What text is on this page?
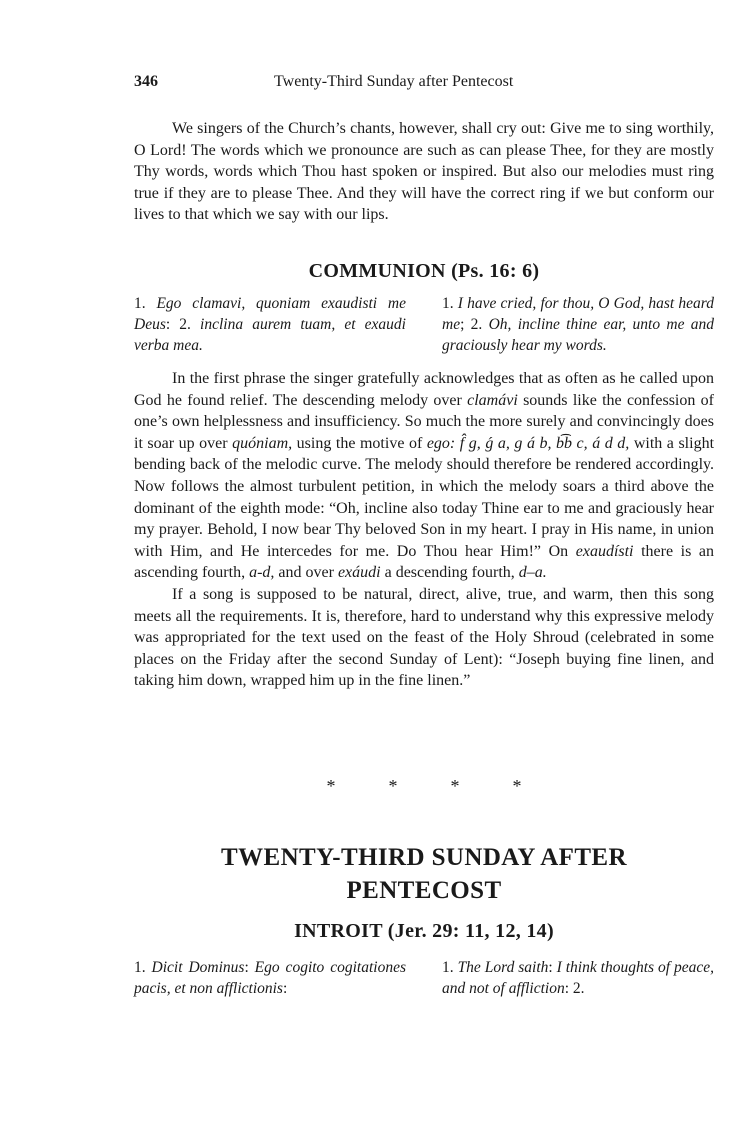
346	Twenty-Third Sunday after Pentecost

We singers of the Church’s chants, however, shall cry out: Give me to sing worthily, O Lord! The words which we pronounce are such as can please Thee, for they are mostly Thy words, words which Thou hast spoken or inspired. But also our melodies must ring true if they are to please Thee. And they will have the correct ring if we but conform our lives to that which we say with our lips.

COMMUNION (Ps. 16: 6)

1. Ego clamavi, quoniam exaudisti me Deus: 2. inclina aurem tuam, et exaudi verba mea.
1. I have cried, for thou, O God, hast heard me; 2. Oh, incline thine ear, unto me and graciously hear my words.

In the first phrase the singer gratefully acknowledges that as often as he called upon God he found relief. The descending melody over clamávi sounds like the confession of one’s own helplessness and insufficiency. So much the more surely and convincingly does it soar up over quóniam, using the motive of ego: f̂ g, ǵ a, g á b, b͡b c, á d d, with a slight bending back of the melodic curve. The melody should therefore be rendered accordingly. Now follows the almost turbulent petition, in which the melody soars a third above the dominant of the eighth mode: “Oh, incline also today Thine ear to me and graciously hear my prayer. Behold, I now bear Thy beloved Son in my heart. I pray in His name, in union with Him, and He intercedes for me. Do Thou hear Him!” On exaudísti there is an ascending fourth, a-d, and over exáudi a descending fourth, d–a.

If a song is supposed to be natural, direct, alive, true, and warm, then this song meets all the requirements. It is, therefore, hard to understand why this expressive melody was appropriated for the text used on the feast of the Holy Shroud (celebrated in some places on the Friday after the second Sunday of Lent): “Joseph buying fine linen, and taking him down, wrapped him up in the fine linen.”

*	*	*	*

TWENTY-THIRD SUNDAY AFTER

PENTECOST

INTROIT (Jer. 29: 11, 12, 14)

1. Dicit Dominus: Ego cogito cogitationes pacis, et non afflictionis:
1. The Lord saith: I think thoughts of peace, and not of affliction: 2.
